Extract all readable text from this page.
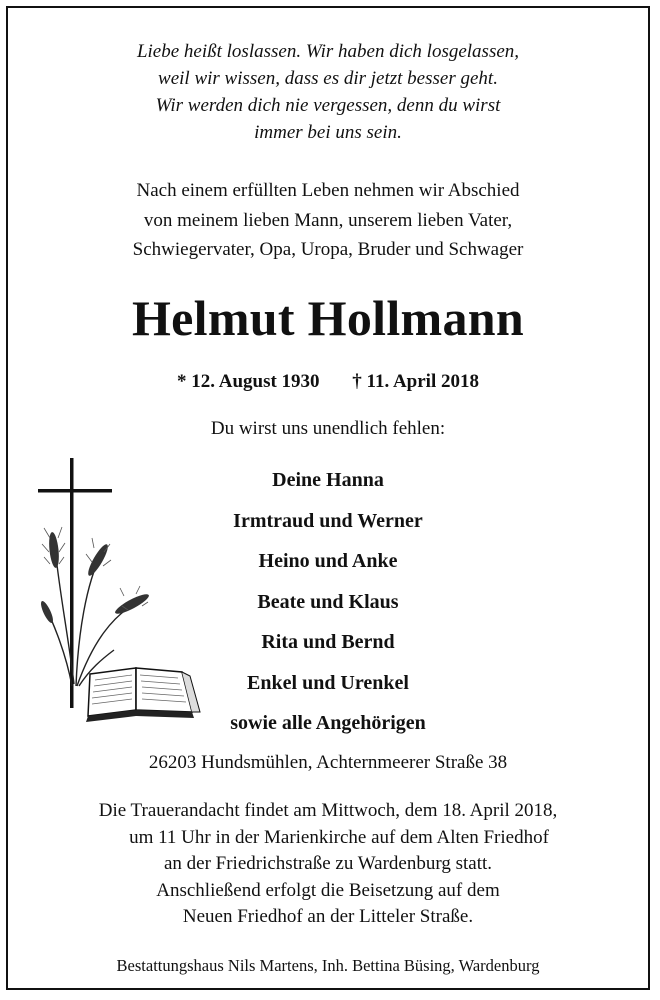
Liebe heißt loslassen. Wir haben dich losgelassen,
weil wir wissen, dass es dir jetzt besser geht.
Wir werden dich nie vergessen, denn du wirst
immer bei uns sein.
Nach einem erfüllten Leben nehmen wir Abschied
von meinem lieben Mann, unserem lieben Vater,
Schwiegervater, Opa, Uropa, Bruder und Schwager
Helmut Hollmann
* 12. August 1930 † 11. April 2018
Du wirst uns unendlich fehlen:
Deine Hanna
Irmtraud und Werner
Heino und Anke
Beate und Klaus
Rita und Bernd
Enkel und Urenkel
sowie alle Angehörigen
26203 Hundsmühlen, Achternmeerer Straße 38
Die Trauerandacht findet am Mittwoch, dem 18. April 2018,
um 11 Uhr in der Marienkirche auf dem Alten Friedhof
an der Friedrichstraße zu Wardenburg statt.
Anschließend erfolgt die Beisetzung auf dem
Neuen Friedhof an der Litteler Straße.
Bestattungshaus Nils Martens, Inh. Bettina Büsing, Wardenburg
